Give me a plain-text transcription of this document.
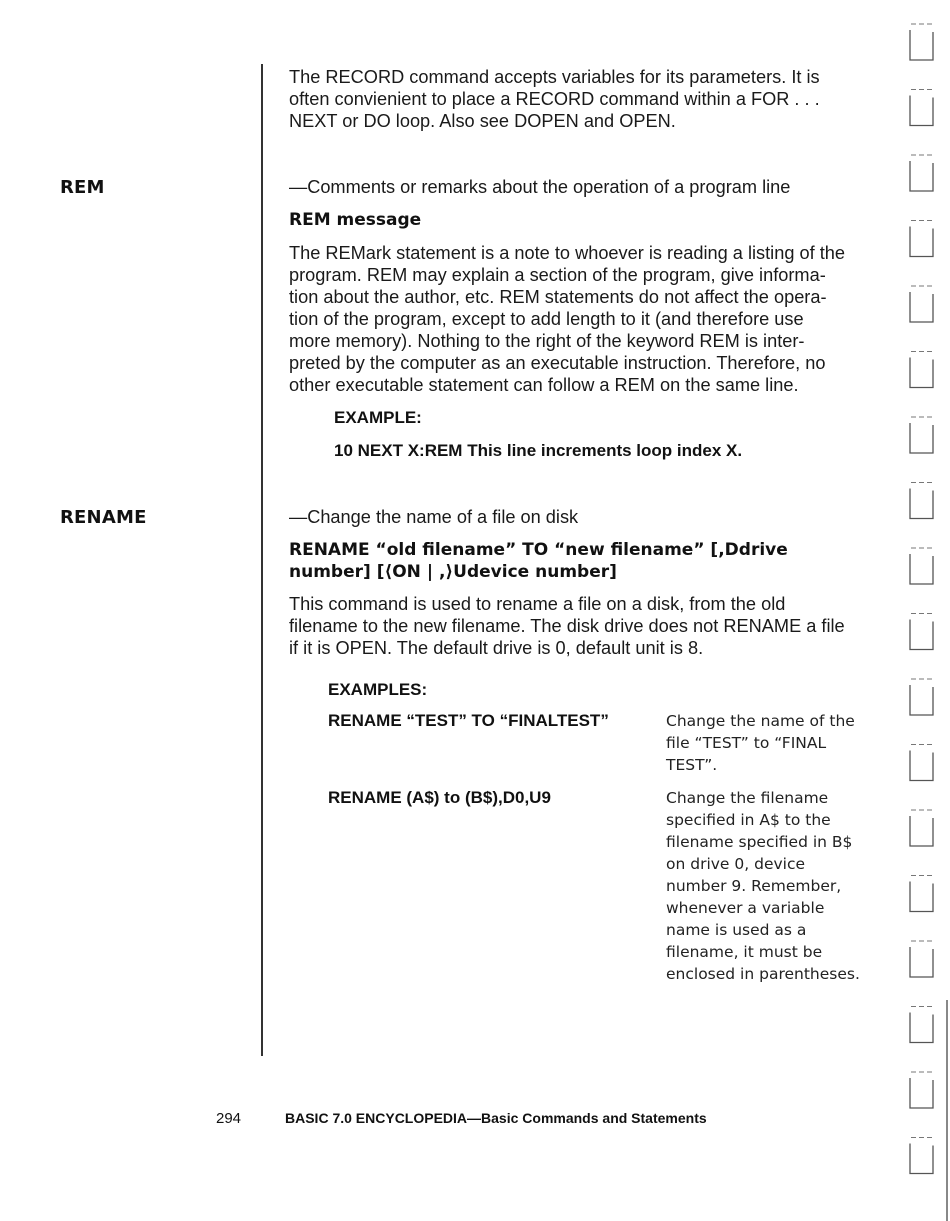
REM
RENAME
The RECORD command accepts variables for its parameters. It is
often convienient to place a RECORD command within a FOR . . .
NEXT or DO loop. Also see DOPEN and OPEN.
—Comments or remarks about the operation of a program line
REM message
The REMark statement is a note to whoever is reading a listing of the
program. REM may explain a section of the program, give informa-
tion about the author, etc. REM statements do not affect the opera-
tion of the program, except to add length to it (and therefore use
more memory). Nothing to the right of the keyword REM is inter-
preted by the computer as an executable instruction. Therefore, no
other executable statement can follow a REM on the same line.
EXAMPLE:
10 NEXT X:REM This line increments loop index X.
—Change the name of a file on disk
RENAME “old filename” TO “new filename” [,Ddrive
number] [⟨ON | ,⟩Udevice number]
This command is used to rename a file on a disk, from the old
filename to the new filename. The disk drive does not RENAME a file
if it is OPEN. The default drive is 0, default unit is 8.
EXAMPLES:
RENAME “TEST” TO “FINALTEST”	Change the name of the
file “TEST” to “FINAL
TEST”.
RENAME (A$) to (B$),D0,U9	Change the filename
specified in A$ to the
filename specified in B$
on drive 0, device
number 9. Remember,
whenever a variable
name is used as a
filename, it must be
enclosed in parentheses.
294	BASIC 7.0 ENCYCLOPEDIA—Basic Commands and Statements
